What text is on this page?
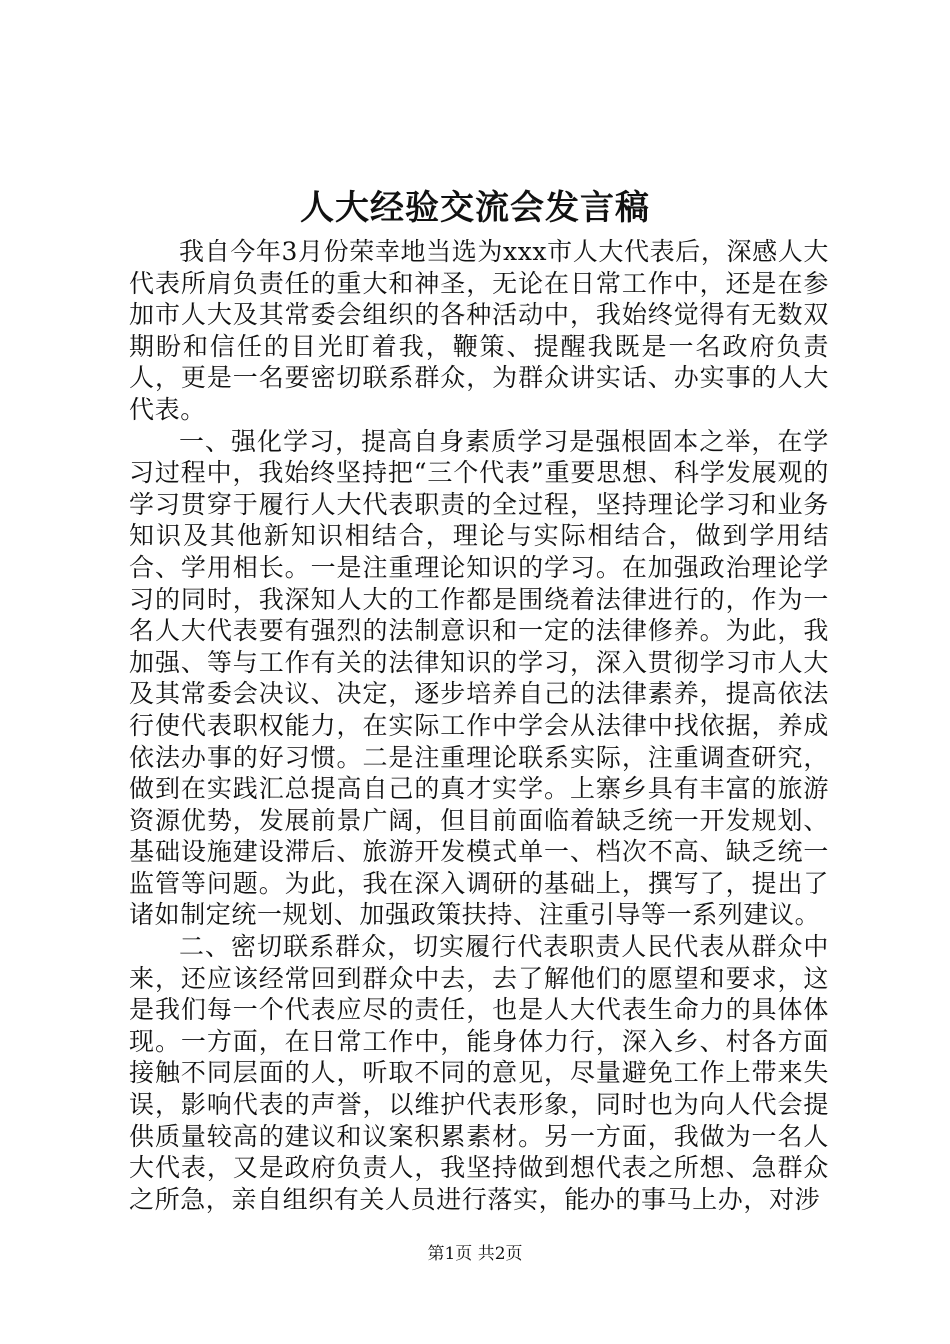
人大经验交流会发言稿

我自今年3月份荣幸地当选为xxx市人大代表后，深感人大代表所肩负责任的重大和神圣，无论在日常工作中，还是在参加市人大及其常委会组织的各种活动中，我始终觉得有无数双期盼和信任的目光盯着我，鞭策、提醒我既是一名政府负责人，更是一名要密切联系群众，为群众讲实话、办实事的人大代表。

一、强化学习，提高自身素质学习是强根固本之举，在学习过程中，我始终坚持把“三个代表”重要思想、科学发展观的学习贯穿于履行人大代表职责的全过程，坚持理论学习和业务知识及其他新知识相结合，理论与实际相结合，做到学用结合、学用相长。一是注重理论知识的学习。在加强政治理论学习的同时，我深知人大的工作都是围绕着法律进行的，作为一名人大代表要有强烈的法制意识和一定的法律修养。为此，我加强、等与工作有关的法律知识的学习，深入贯彻学习市人大及其常委会决议、决定，逐步培养自己的法律素养，提高依法行使代表职权能力，在实际工作中学会从法律中找依据，养成依法办事的好习惯。二是注重理论联系实际，注重调查研究，做到在实践汇总提高自己的真才实学。上寨乡具有丰富的旅游资源优势，发展前景广阔，但目前面临着缺乏统一开发规划、基础设施建设滞后、旅游开发模式单一、档次不高、缺乏统一监管等问题。为此，我在深入调研的基础上，撰写了，提出了诸如制定统一规划、加强政策扶持、注重引导等一系列建议。

二、密切联系群众，切实履行代表职责人民代表从群众中来，还应该经常回到群众中去，去了解他们的愿望和要求，这是我们每一个代表应尽的责任，也是人大代表生命力的具体体现。一方面，在日常工作中，能身体力行，深入乡、村各方面接触不同层面的人，听取不同的意见，尽量避免工作上带来失误，影响代表的声誉，以维护代表形象，同时也为向人代会提供质量较高的建议和议案积累素材。另一方面，我做为一名人大代表，又是政府负责人，我坚持做到想代表之所想、急群众之所急，亲自组织有关人员进行落实，能办的事马上办，对涉

第1页 共2页
